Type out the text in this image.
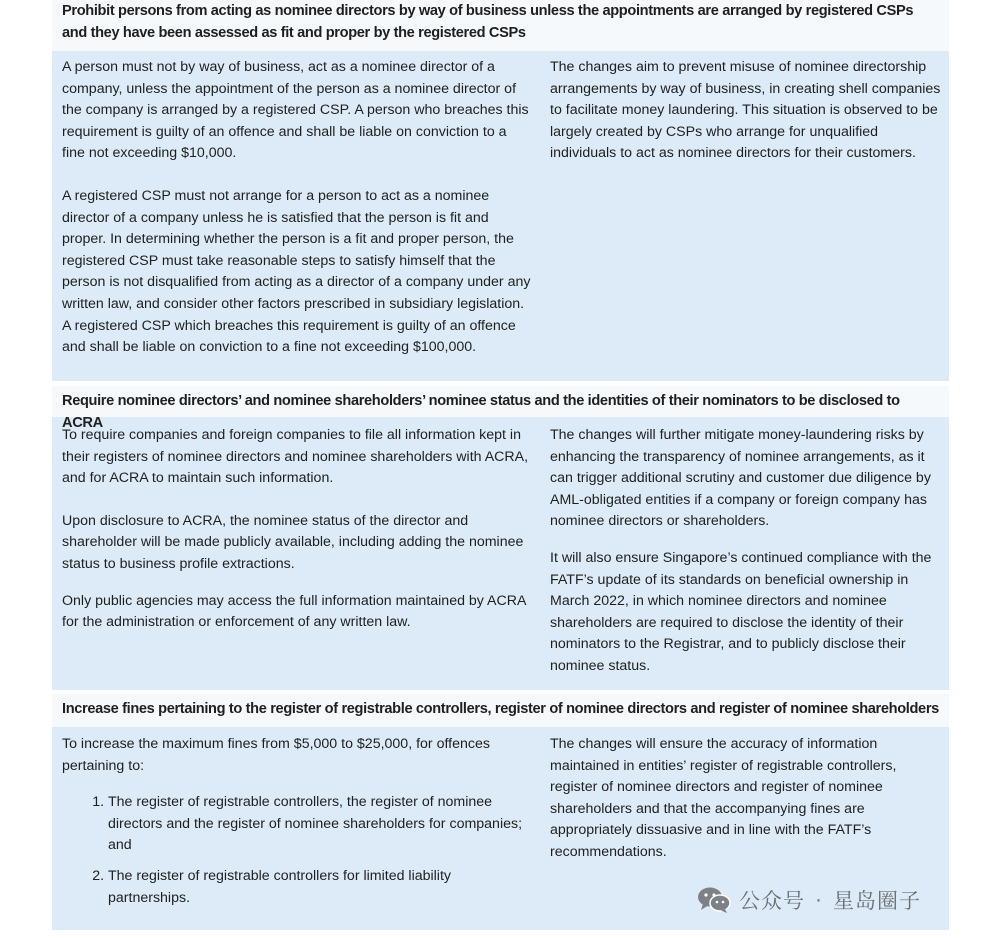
Prohibit persons from acting as nominee directors by way of business unless the appointments are arranged by registered CSPs and they have been assessed as fit and proper by the registered CSPs

A person must not by way of business, act as a nominee director of a company, unless the appointment of the person as a nominee director of the company is arranged by a registered CSP. A person who breaches this requirement is guilty of an offence and shall be liable on conviction to a fine not exceeding $10,000.

A registered CSP must not arrange for a person to act as a nominee director of a company unless he is satisfied that the person is fit and proper. In determining whether the person is a fit and proper person, the registered CSP must take reasonable steps to satisfy himself that the person is not disqualified from acting as a director of a company under any written law, and consider other factors prescribed in subsidiary legislation. A registered CSP which breaches this requirement is guilty of an offence and shall be liable on conviction to a fine not exceeding $100,000.

The changes aim to prevent misuse of nominee directorship arrangements by way of business, in creating shell companies to facilitate money laundering. This situation is observed to be largely created by CSPs who arrange for unqualified individuals to act as nominee directors for their customers.

Require nominee directors’ and nominee shareholders’ nominee status and the identities of their nominators to be disclosed to ACRA

To require companies and foreign companies to file all information kept in their registers of nominee directors and nominee shareholders with ACRA, and for ACRA to maintain such information.

Upon disclosure to ACRA, the nominee status of the director and shareholder will be made publicly available, including adding the nominee status to business profile extractions.

Only public agencies may access the full information maintained by ACRA for the administration or enforcement of any written law.

The changes will further mitigate money-laundering risks by enhancing the transparency of nominee arrangements, as it can trigger additional scrutiny and customer due diligence by AML-obligated entities if a company or foreign company has nominee directors or shareholders.

It will also ensure Singapore’s continued compliance with the FATF’s update of its standards on beneficial ownership in March 2022, in which nominee directors and nominee shareholders are required to disclose the identity of their nominators to the Registrar, and to publicly disclose their nominee status.

Increase fines pertaining to the register of registrable controllers, register of nominee directors and register of nominee shareholders

To increase the maximum fines from $5,000 to $25,000, for offences pertaining to:

1. The register of registrable controllers, the register of nominee directors and the register of nominee shareholders for companies; and
2. The register of registrable controllers for limited liability partnerships.

The changes will ensure the accuracy of information maintained in entities’ register of registrable controllers, register of nominee directors and register of nominee shareholders and that the accompanying fines are appropriately dissuasive and in line with the FATF’s recommendations.

公众号 · 星岛圈子
